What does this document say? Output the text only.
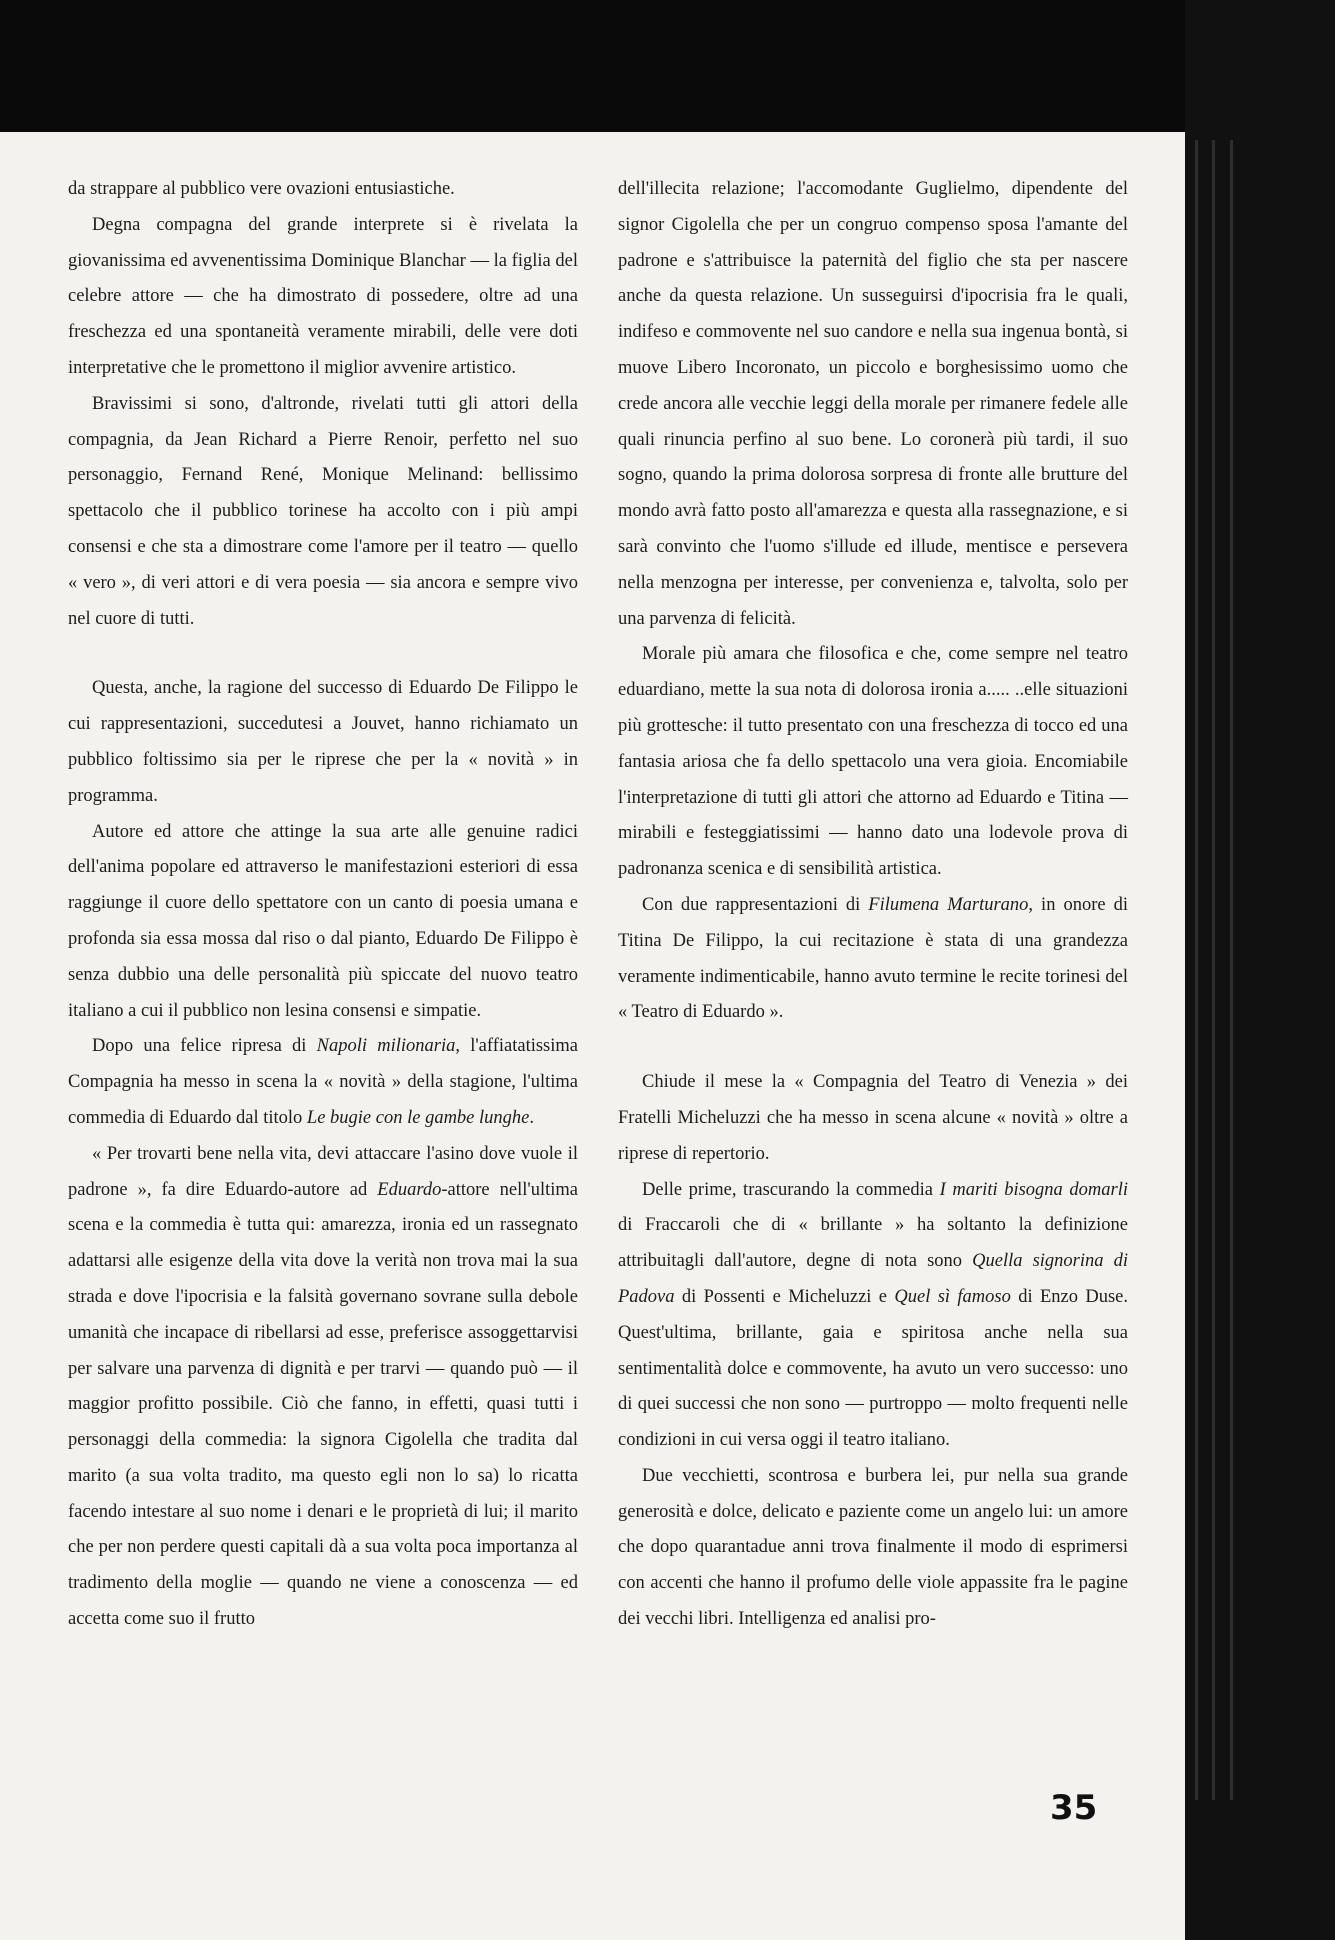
da strappare al pubblico vere ovazioni entusiastiche.

Degna compagna del grande interprete si è rivelata la giovanissima ed avvenentissima Dominique Blanchar — la figlia del celebre attore — che ha dimostrato di possedere, oltre ad una freschezza ed una spontaneità veramente mirabili, delle vere doti interpretative che le promettono il miglior avvenire artistico.

Bravissimi si sono, d'altronde, rivelati tutti gli attori della compagnia, da Jean Richard a Pierre Renoir, perfetto nel suo personaggio, Fernand René, Monique Melinand: bellissimo spettacolo che il pubblico torinese ha accolto con i più ampi consensi e che sta a dimostrare come l'amore per il teatro — quello « vero », di veri attori e di vera poesia — sia ancora e sempre vivo nel cuore di tutti.

Questa, anche, la ragione del successo di Eduardo De Filippo le cui rappresentazioni, succedutesi a Jouvet, hanno richiamato un pubblico foltissimo sia per le riprese che per la « novità » in programma.

Autore ed attore che attinge la sua arte alle genuine radici dell'anima popolare ed attraverso le manifestazioni esteriori di essa raggiunge il cuore dello spettatore con un canto di poesia umana e profonda sia essa mossa dal riso o dal pianto, Eduardo De Filippo è senza dubbio una delle personalità più spiccate del nuovo teatro italiano a cui il pubblico non lesina consensi e simpatie.

Dopo una felice ripresa di Napoli milionaria, l'affiatatissima Compagnia ha messo in scena la « novità » della stagione, l'ultima commedia di Eduardo dal titolo Le bugie con le gambe lunghe.

« Per trovarti bene nella vita, devi attaccare l'asino dove vuole il padrone », fa dire Eduardo-autore ad Eduardo-attore nell'ultima scena e la commedia è tutta qui: amarezza, ironia ed un rassegnato adattarsi alle esigenze della vita dove la verità non trova mai la sua strada e dove l'ipocrisia e la falsità governano sovrane sulla debole umanità che incapace di ribellarsi ad esse, preferisce assoggettarvisi per salvare una parvenza di dignità e per trarvi — quando può — il maggior profitto possibile. Ciò che fanno, in effetti, quasi tutti i personaggi della commedia: la signora Cigolella che tradita dal marito (a sua volta tradito, ma questo egli non lo sa) lo ricatta facendo intestare al suo nome i denari e le proprietà di lui; il marito che per non perdere questi capitali dà a sua volta poca importanza al tradimento della moglie — quando ne viene a conoscenza — ed accetta come suo il frutto

dell'illecita relazione; l'accomodante Guglielmo, dipendente del signor Cigolella che per un congruo compenso sposa l'amante del padrone e s'attribuisce la paternità del figlio che sta per nascere anche da questa relazione. Un susseguirsi d'ipocrisia fra le quali, indifeso e commovente nel suo candore e nella sua ingenua bontà, si muove Libero Incoronato, un piccolo e borghesissimo uomo che crede ancora alle vecchie leggi della morale per rimanere fedele alle quali rinuncia perfino al suo bene. Lo coronerà più tardi, il suo sogno, quando la prima dolorosa sorpresa di fronte alle brutture del mondo avrà fatto posto all'amarezza e questa alla rassegnazione, e si sarà convinto che l'uomo s'illude ed illude, mentisce e persevera nella menzogna per interesse, per convenienza e, talvolta, solo per una parvenza di felicità.

Morale più amara che filosofica e che, come sempre nel teatro eduardiano, mette la sua nota di dolorosa ironia a..... ..elle situazioni più grottesche: il tutto presentato con una freschezza di tocco ed una fantasia ariosa che fa dello spettacolo una vera gioia. Encomiabile l'interpretazione di tutti gli attori che attorno ad Eduardo e Titina — mirabili e festeggiatissimi — hanno dato una lodevole prova di padronanza scenica e di sensibilità artistica.

Con due rappresentazioni di Filumena Marturano, in onore di Titina De Filippo, la cui recitazione è stata di una grandezza veramente indimenticabile, hanno avuto termine le recite torinesi del « Teatro di Eduardo ».

Chiude il mese la « Compagnia del Teatro di Venezia » dei Fratelli Micheluzzi che ha messo in scena alcune « novità » oltre a riprese di repertorio.

Delle prime, trascurando la commedia I mariti bisogna domarli di Fraccaroli che di « brillante » ha soltanto la definizione attribuitagli dall'autore, degne di nota sono Quella signorina di Padova di Possenti e Micheluzzi e Quel sì famoso di Enzo Duse. Quest'ultima, brillante, gaia e spiritosa anche nella sua sentimentalità dolce e commovente, ha avuto un vero successo: uno di quei successi che non sono — purtroppo — molto frequenti nelle condizioni in cui versa oggi il teatro italiano.

Due vecchietti, scontrosa e burbera lei, pur nella sua grande generosità e dolce, delicato e paziente come un angelo lui: un amore che dopo quarantadue anni trova finalmente il modo di esprimersi con accenti che hanno il profumo delle viole appassite fra le pagine dei vecchi libri. Intelligenza ed analisi pro-

35
